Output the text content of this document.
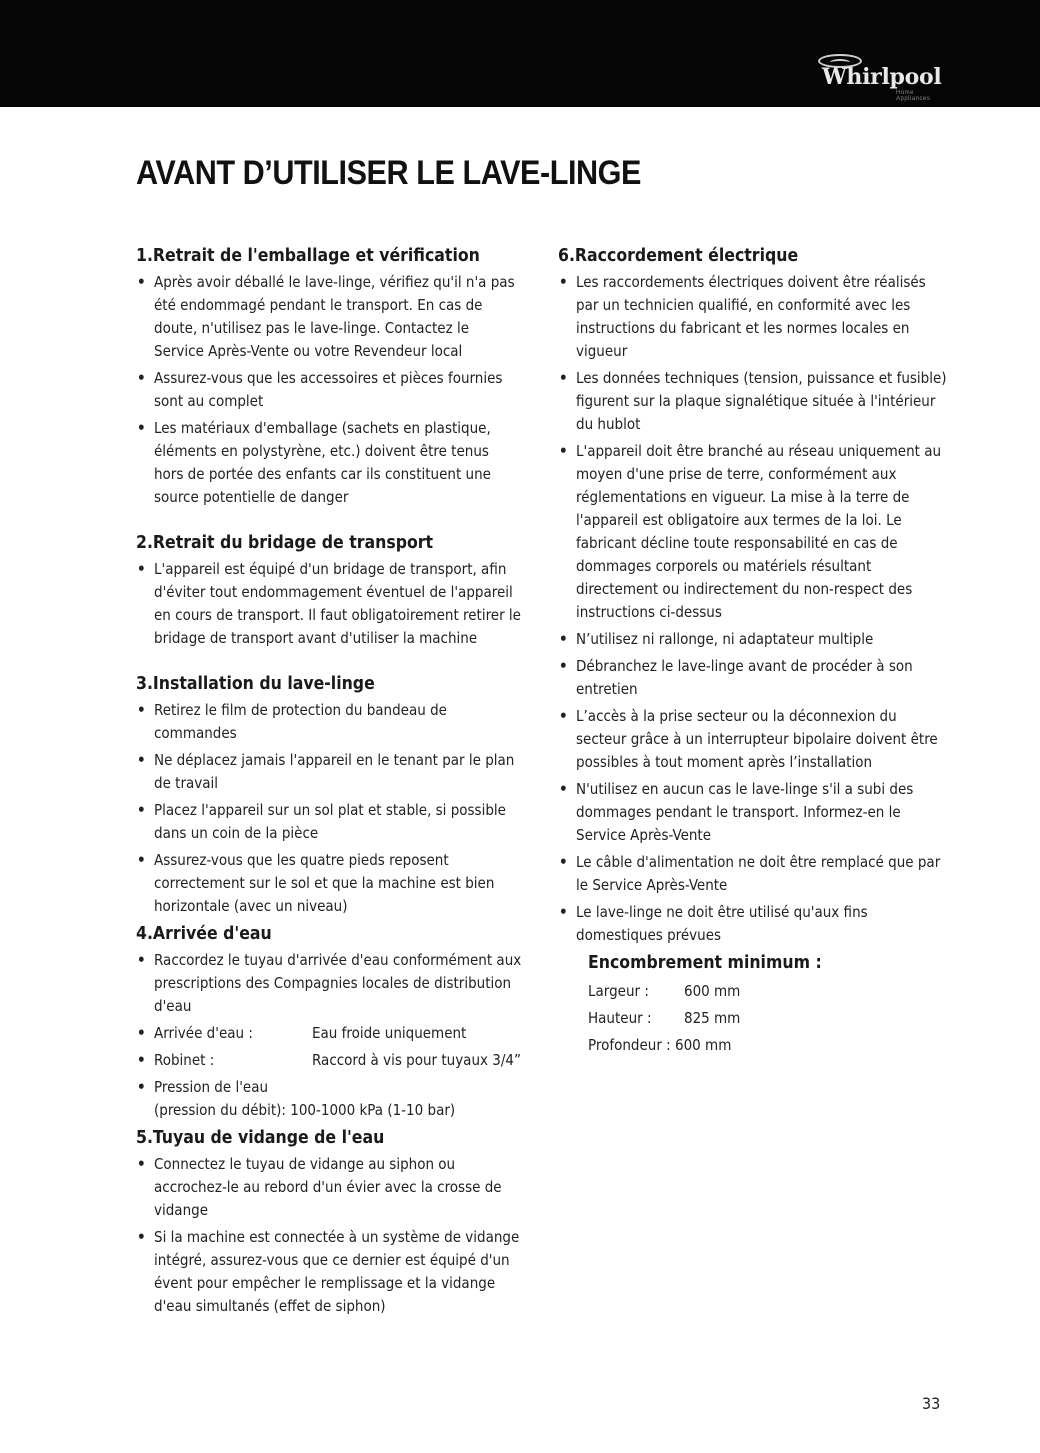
Whirlpool
Home Appliances
AVANT D’UTILISER LE LAVE-LINGE
1.Retrait de l'emballage et vérification
• Après avoir déballé le lave-linge, vérifiez qu'il n'a pas été endommagé pendant le transport. En cas de doute, n'utilisez pas le lave-linge. Contactez le Service Après-Vente ou votre Revendeur local
• Assurez-vous que les accessoires et pièces fournies sont au complet
• Les matériaux d'emballage (sachets en plastique, éléments en polystyrène, etc.) doivent être tenus hors de portée des enfants car ils constituent une source potentielle de danger
2.Retrait du bridage de transport
• L'appareil est équipé d'un bridage de transport, afin d'éviter tout endommagement éventuel de l'appareil en cours de transport. Il faut obligatoirement retirer le bridage de transport avant d'utiliser la machine
3.Installation du lave-linge
• Retirez le film de protection du bandeau de commandes
• Ne déplacez jamais l'appareil en le tenant par le plan de travail
• Placez l'appareil sur un sol plat et stable, si possible dans un coin de la pièce
• Assurez-vous que les quatre pieds reposent correctement sur le sol et que la machine est bien horizontale (avec un niveau)
4.Arrivée d'eau
• Raccordez le tuyau d'arrivée d'eau conformément aux prescriptions des Compagnies locales de distribution d'eau
• Arrivée d'eau :	Eau froide uniquement
• Robinet :	Raccord à vis pour tuyaux 3/4”
• Pression de l'eau
(pression du débit): 100-1000 kPa (1-10 bar)
5.Tuyau de vidange de l'eau
• Connectez le tuyau de vidange au siphon ou accrochez-le au rebord d'un évier avec la crosse de vidange
• Si la machine est connectée à un système de vidange intégré, assurez-vous que ce dernier est équipé d'un évent pour empêcher le remplissage et la vidange d'eau simultanés (effet de siphon)
6.Raccordement électrique
• Les raccordements électriques doivent être réalisés par un technicien qualifié, en conformité avec les instructions du fabricant et les normes locales en vigueur
• Les données techniques (tension, puissance et fusible) figurent sur la plaque signalétique située à l'intérieur du hublot
• L'appareil doit être branché au réseau uniquement au moyen d'une prise de terre, conformément aux réglementations en vigueur. La mise à la terre de l'appareil est obligatoire aux termes de la loi. Le fabricant décline toute responsabilité en cas de dommages corporels ou matériels résultant directement ou indirectement du non-respect des instructions ci-dessus
• N’utilisez ni rallonge, ni adaptateur multiple
• Débranchez le lave-linge avant de procéder à son entretien
• L’accès à la prise secteur ou la déconnexion du secteur grâce à un interrupteur bipolaire doivent être possibles à tout moment après l’installation
• N'utilisez en aucun cas le lave-linge s'il a subi des dommages pendant le transport. Informez-en le Service Après-Vente
• Le câble d'alimentation ne doit être remplacé que par le Service Après-Vente
• Le lave-linge ne doit être utilisé qu'aux fins domestiques prévues
Encombrement minimum :
Largeur :	600 mm
Hauteur :	825 mm
Profondeur :
600 mm
33
